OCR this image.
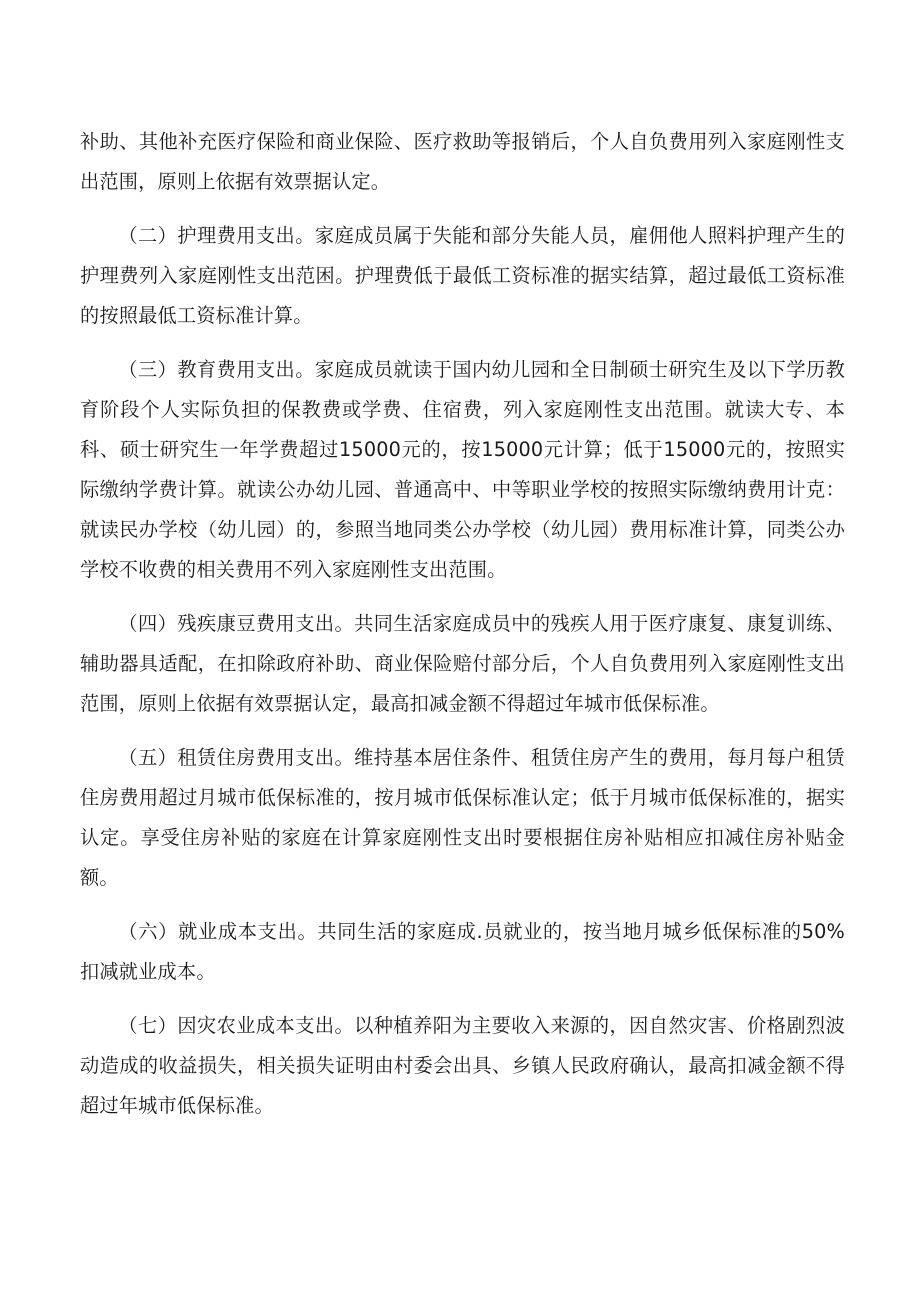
补助、其他补充医疗保险和商业保险、医疗救助等报销后，个人自负费用列入家庭刚性支出范围，原则上依据有效票据认定。

（二）护理费用支出。家庭成员属于失能和部分失能人员，雇佣他人照料护理产生的护理费列入家庭刚性支出范困。护理费低于最低工资标准的据实结算，超过最低工资标准的按照最低工资标准计算。

（三）教育费用支出。家庭成员就读于国内幼儿园和全日制硕士研究生及以下学历教育阶段个人实际负担的保教费或学费、住宿费，列入家庭刚性支出范围。就读大专、本科、硕士研究生一年学费超过15000元的，按15000元计算；低于15000元的，按照实际缴纳学费计算。就读公办幼儿园、普通高中、中等职业学校的按照实际缴纳费用计克：就读民办学校（幼儿园）的，参照当地同类公办学校（幼儿园）费用标准计算，同类公办学校不收费的相关费用不列入家庭刚性支出范围。

（四）残疾康豆费用支出。共同生活家庭成员中的残疾人用于医疗康复、康复训练、辅助器具适配，在扣除政府补助、商业保险赔付部分后，个人自负费用列入家庭刚性支出范围，原则上依据有效票据认定，最高扣减金额不得超过年城市低保标准。

（五）租赁住房费用支出。维持基本居住条件、租赁住房产生的费用，每月每户租赁住房费用超过月城市低保标准的，按月城市低保标准认定；低于月城市低保标准的，据实认定。享受住房补贴的家庭在计算家庭刚性支出时要根据住房补贴相应扣减住房补贴金额。

（六）就业成本支出。共同生活的家庭成.员就业的，按当地月城乡低保标准的50%扣减就业成本。

（七）因灾农业成本支出。以种植养阳为主要收入来源的，因自然灾害、价格剧烈波动造成的收益损失，相关损失证明由村委会出具、乡镇人民政府确认，最高扣减金额不得超过年城市低保标准。
